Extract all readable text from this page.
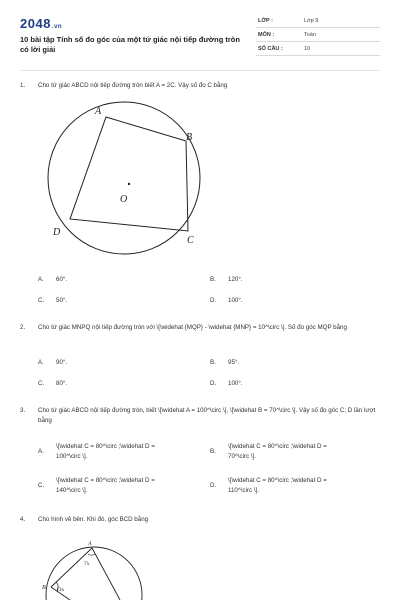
2048.vn
10 bài tập Tính số đo góc của một tứ giác nội tiếp đường tròn có lời giải
LỚP :	Lớp 9
MÔN :	Toán
SỐ CÂU :	10
1. Cho tứ giác ABCD nội tiếp đường tròn biết A = 2C. Vậy số đo C bằng
A
B
C
D
O
A. 60°.	B. 120°.
C. 50°.	D. 100°.
2. Cho tứ giác MNPQ nội tiếp đường tròn với \[\widehat {MQP} - \widehat {MNP} = 10^\circ \]. Số đo góc MQP bằng
A. 90°.	B. 95°.
C. 80°.	D. 100°.
3. Cho tứ giác ABCD nội tiếp đường tròn, biết \[\widehat A = 100^\circ \], \[\widehat B = 70^\circ \]. Vậy số đo góc C; D lần lượt bằng
A.
\[\widehat C = 80^\circ ;\widehat D =
100^\circ \].
B.
\[\widehat C = 80^\circ ;\widehat D =
70^\circ \].
C.
\[\widehat C = 80^\circ ;\widehat D =
140^\circ \].
D.
\[\widehat C = 80^\circ ;\widehat D =
110^\circ \].
4. Cho hình vẽ bên. Khi đó, góc BCD bằng
A
B
7x
13x
